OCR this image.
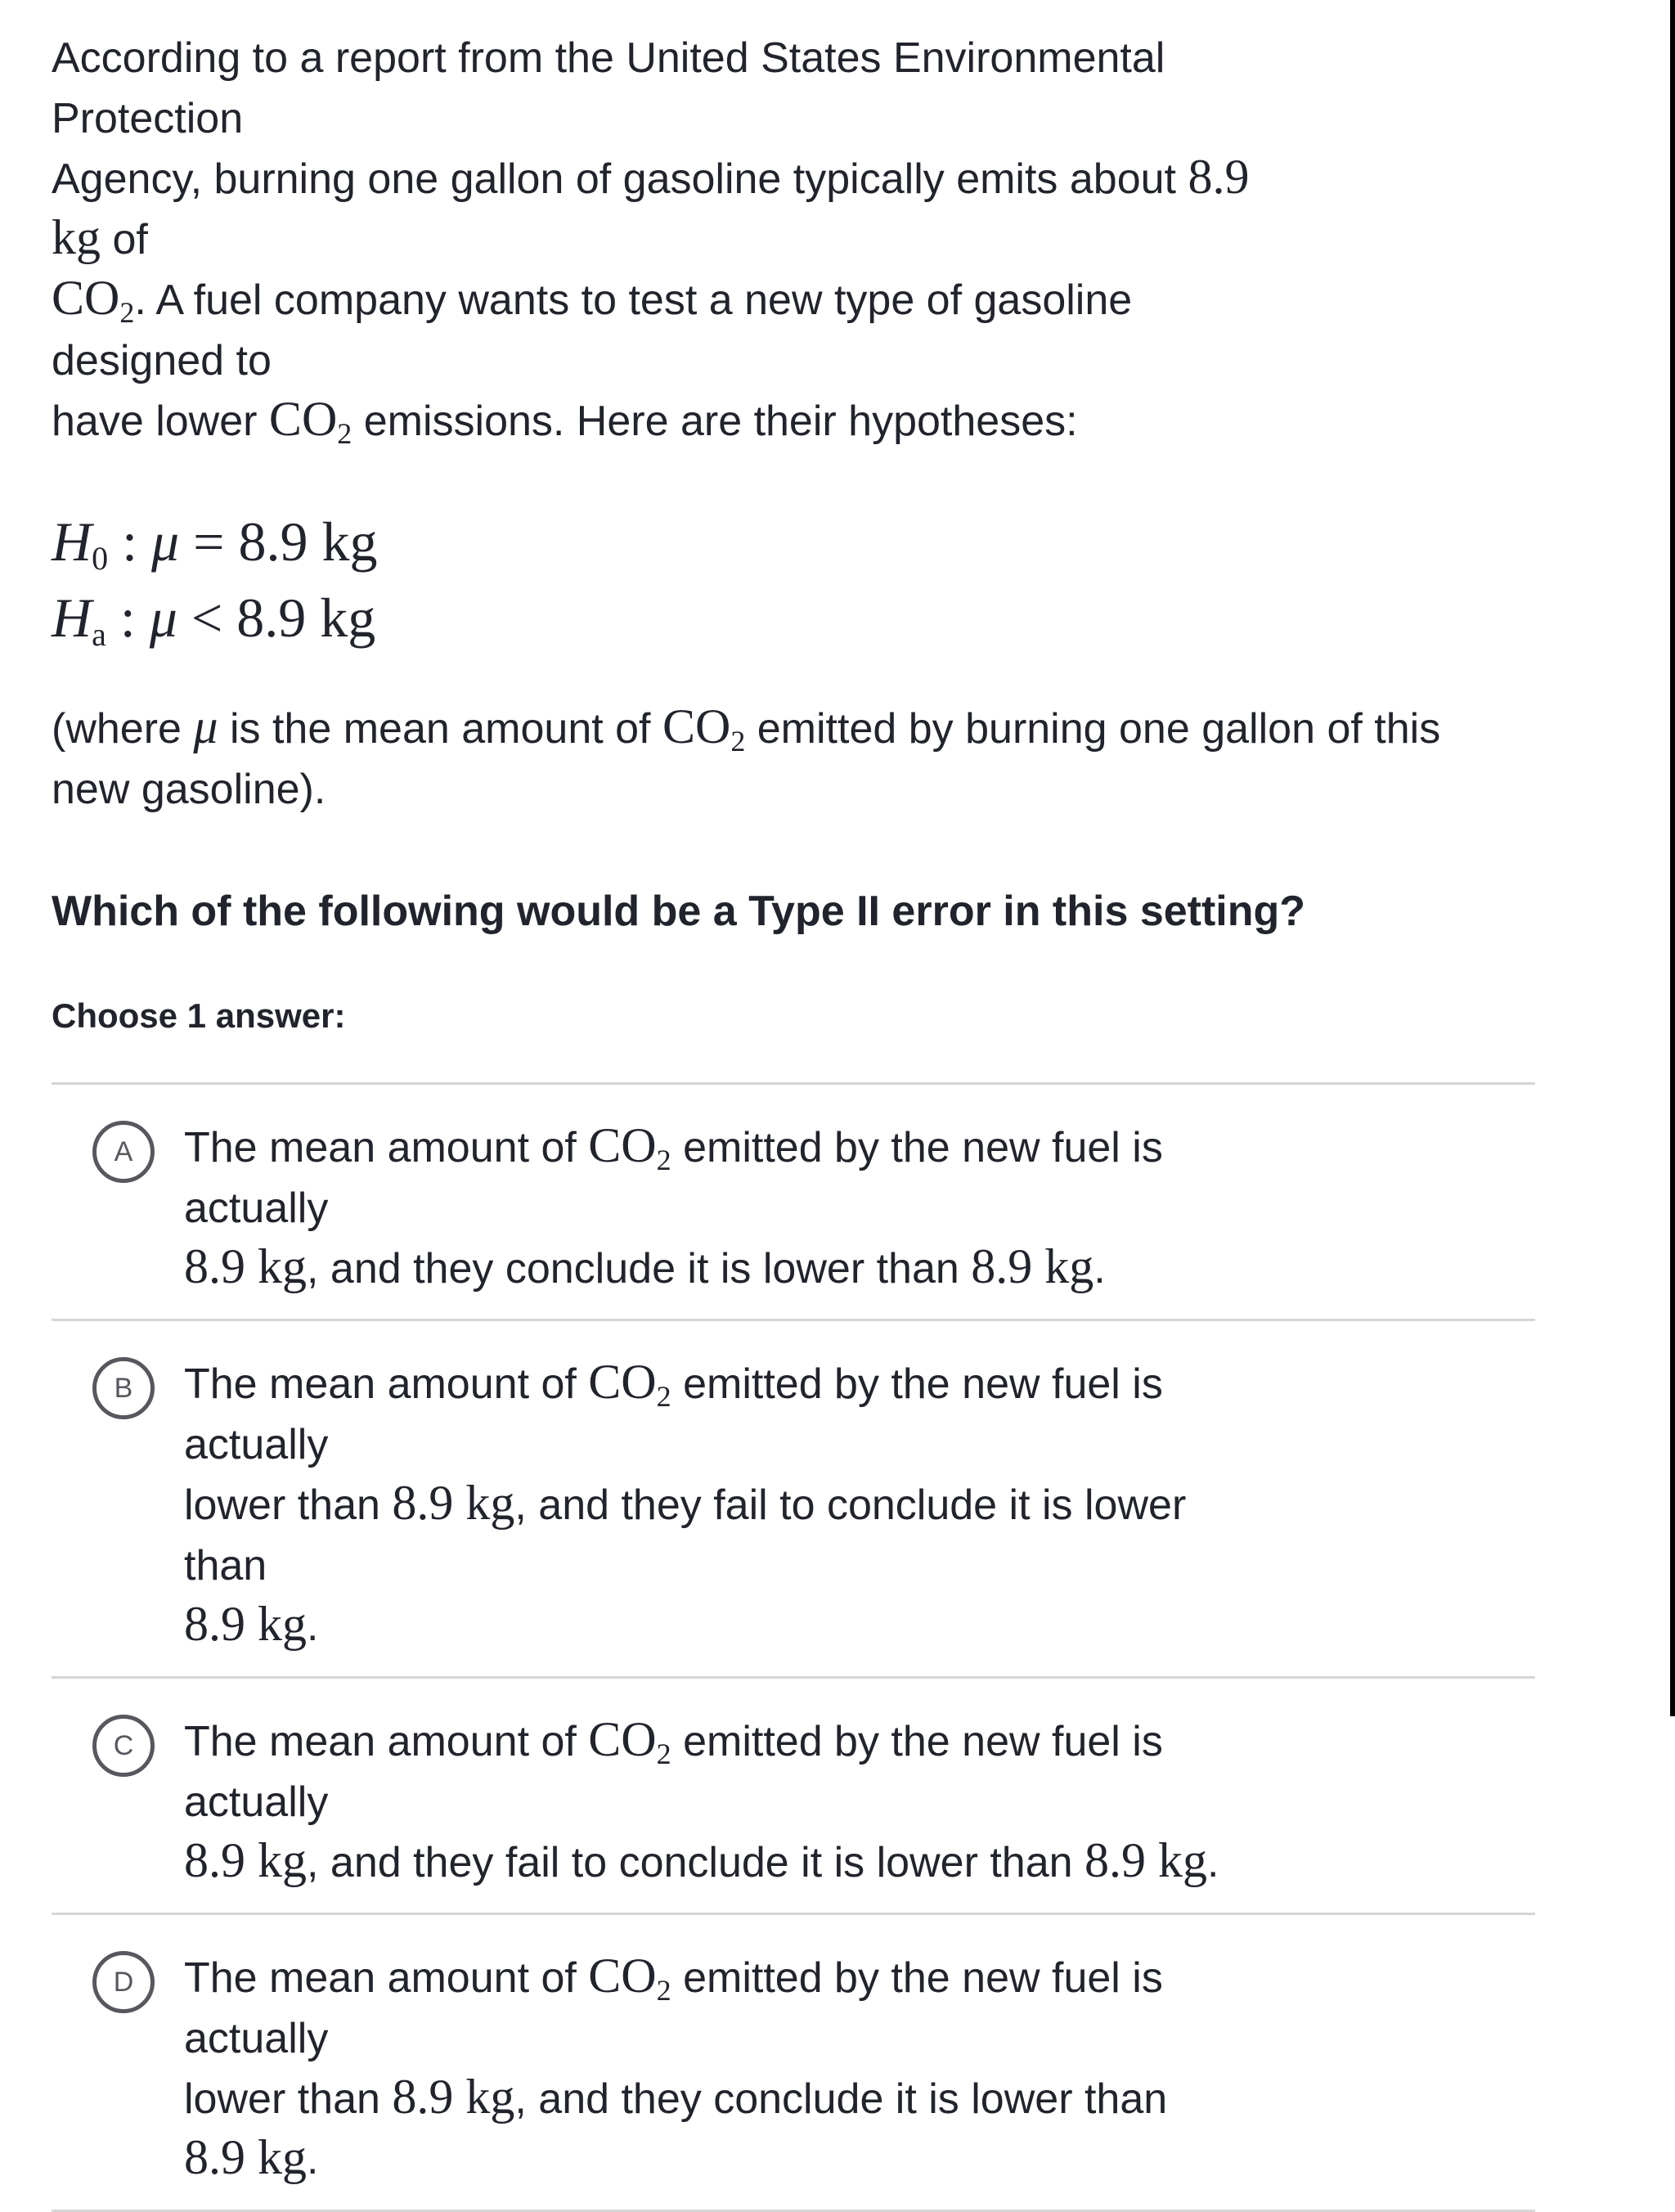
According to a report from the United States Environmental Protection
Agency, burning one gallon of gasoline typically emits about 8.9 kg of
CO2. A fuel company wants to test a new type of gasoline designed to
have lower CO2 emissions. Here are their hypotheses:
H0 : μ = 8.9 kg
Ha : μ < 8.9 kg
(where μ is the mean amount of CO2 emitted by burning one gallon of this
new gasoline).
Which of the following would be a Type II error in this setting?
Choose 1 answer:
A The mean amount of CO2 emitted by the new fuel is actually
8.9 kg, and they conclude it is lower than 8.9 kg.
B The mean amount of CO2 emitted by the new fuel is actually
lower than 8.9 kg, and they fail to conclude it is lower than
8.9 kg.
C The mean amount of CO2 emitted by the new fuel is actually
8.9 kg, and they fail to conclude it is lower than 8.9 kg.
D The mean amount of CO2 emitted by the new fuel is actually
lower than 8.9 kg, and they conclude it is lower than 8.9 kg.
